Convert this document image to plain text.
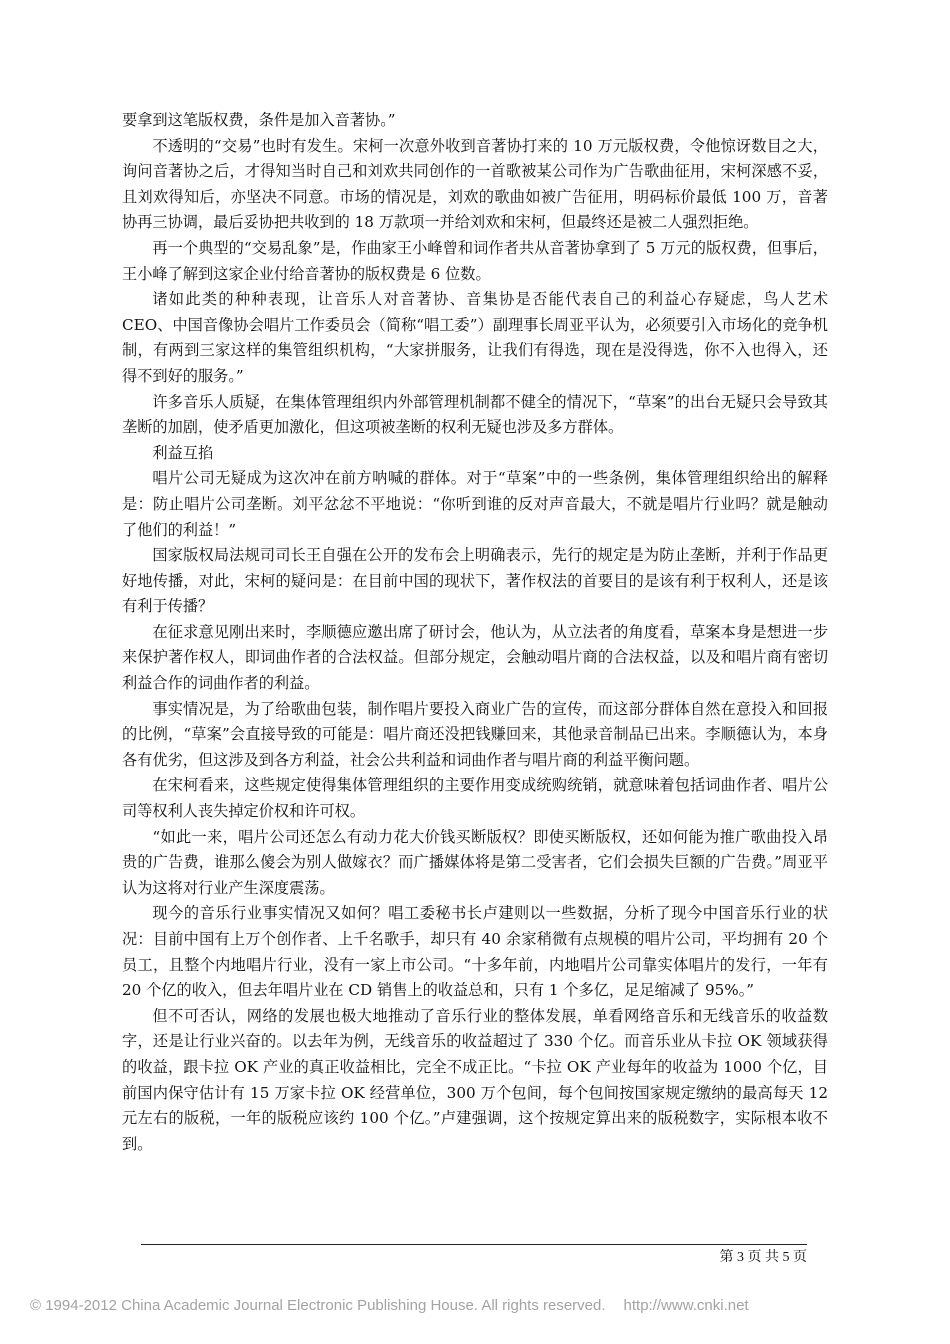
要拿到这笔版权费，条件是加入音著协。”

不透明的“交易”也时有发生。宋柯一次意外收到音著协打来的 10 万元版权费，令他惊讶数目之大，询问音著协之后，才得知当时自己和刘欢共同创作的一首歌被某公司作为广告歌曲征用，宋柯深感不妥，且刘欢得知后，亦坚决不同意。市场的情况是，刘欢的歌曲如被广告征用，明码标价最低 100 万，音著协再三协调，最后妥协把共收到的 18 万款项一并给刘欢和宋柯，但最终还是被二人强烈拒绝。

再一个典型的“交易乱象”是，作曲家王小峰曾和词作者共从音著协拿到了 5 万元的版权费，但事后，王小峰了解到这家企业付给音著协的版权费是 6 位数。

诸如此类的种种表现，让音乐人对音著协、音集协是否能代表自己的利益心存疑虑，鸟人艺术 CEO、中国音像协会唱片工作委员会（简称“唱工委”）副理事长周亚平认为，必须要引入市场化的竞争机制，有两到三家这样的集管组织机构，“大家拼服务，让我们有得选，现在是没得选，你不入也得入，还得不到好的服务。”

许多音乐人质疑，在集体管理组织内外部管理机制都不健全的情况下，“草案”的出台无疑只会导致其垄断的加剧，使矛盾更加激化，但这项被垄断的权利无疑也涉及多方群体。

利益互掐

唱片公司无疑成为这次冲在前方呐喊的群体。对于“草案”中的一些条例，集体管理组织给出的解释是：防止唱片公司垄断。刘平忿忿不平地说：“你听到谁的反对声音最大，不就是唱片行业吗？就是触动了他们的利益！”

国家版权局法规司司长王自强在公开的发布会上明确表示，先行的规定是为防止垄断，并利于作品更好地传播，对此，宋柯的疑问是：在目前中国的现状下，著作权法的首要目的是该有利于权利人，还是该有利于传播？

在征求意见刚出来时，李顺德应邀出席了研讨会，他认为，从立法者的角度看，草案本身是想进一步来保护著作权人，即词曲作者的合法权益。但部分规定，会触动唱片商的合法权益，以及和唱片商有密切利益合作的词曲作者的利益。

事实情况是，为了给歌曲包装，制作唱片要投入商业广告的宣传，而这部分群体自然在意投入和回报的比例，“草案”会直接导致的可能是：唱片商还没把钱赚回来，其他录音制品已出来。李顺德认为，本身各有优劣，但这涉及到各方利益，社会公共利益和词曲作者与唱片商的利益平衡问题。

在宋柯看来，这些规定使得集体管理组织的主要作用变成统购统销，就意味着包括词曲作者、唱片公司等权利人丧失掉定价权和许可权。

“如此一来，唱片公司还怎么有动力花大价钱买断版权？即使买断版权，还如何能为推广歌曲投入昂贵的广告费，谁那么傻会为别人做嫁衣？而广播媒体将是第二受害者，它们会损失巨额的广告费。”周亚平认为这将对行业产生深度震荡。

现今的音乐行业事实情况又如何？唱工委秘书长卢建则以一些数据，分析了现今中国音乐行业的状况：目前中国有上万个创作者、上千名歌手，却只有 40 余家稍微有点规模的唱片公司，平均拥有 20 个员工，且整个内地唱片行业，没有一家上市公司。“十多年前，内地唱片公司靠实体唱片的发行，一年有 20 个亿的收入，但去年唱片业在 CD 销售上的收益总和，只有 1 个多亿，足足缩减了 95%。”

但不可否认，网络的发展也极大地推动了音乐行业的整体发展，单看网络音乐和无线音乐的收益数字，还是让行业兴奋的。以去年为例，无线音乐的收益超过了 330 个亿。而音乐业从卡拉 OK 领域获得的收益，跟卡拉 OK 产业的真正收益相比，完全不成正比。“卡拉 OK 产业每年的收益为 1000 个亿，目前国内保守估计有 15 万家卡拉 OK 经营单位，300 万个包间，每个包间按国家规定缴纳的最高每天 12 元左右的版税，一年的版税应该约 100 个亿。”卢建强调，这个按规定算出来的版税数字，实际根本收不到。

第 3 页 共 5 页
© 1994-2012 China Academic Journal Electronic Publishing House. All rights reserved. http://www.cnki.net
